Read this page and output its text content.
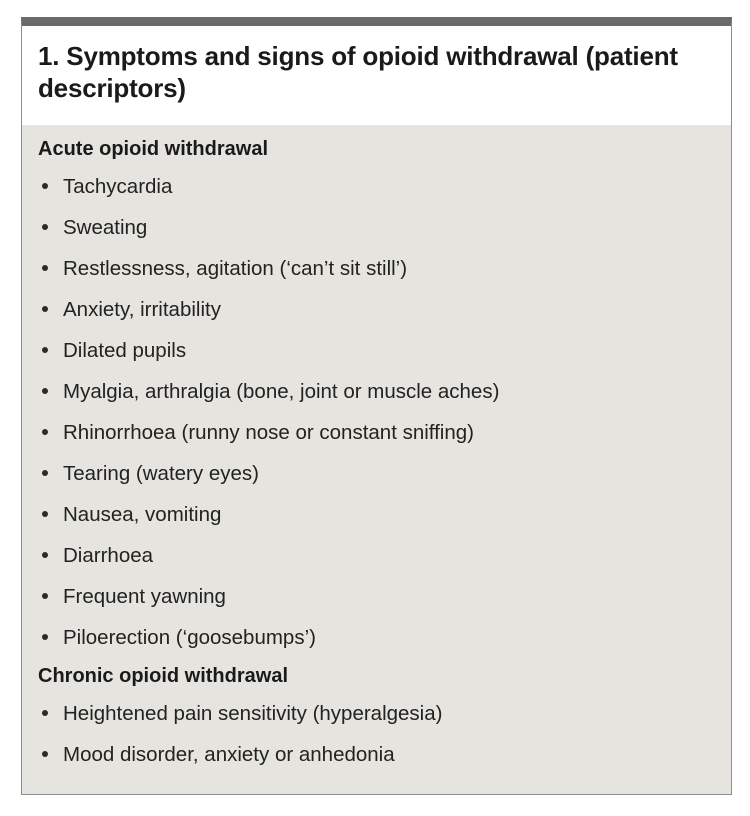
1. Symptoms and signs of opioid withdrawal (patient descriptors)
Acute opioid withdrawal
Tachycardia
Sweating
Restlessness, agitation (‘can’t sit still’)
Anxiety, irritability
Dilated pupils
Myalgia, arthralgia (bone, joint or muscle aches)
Rhinorrhoea (runny nose or constant sniffing)
Tearing (watery eyes)
Nausea, vomiting
Diarrhoea
Frequent yawning
Piloerection (‘goosebumps’)
Chronic opioid withdrawal
Heightened pain sensitivity (hyperalgesia)
Mood disorder, anxiety or anhedonia
